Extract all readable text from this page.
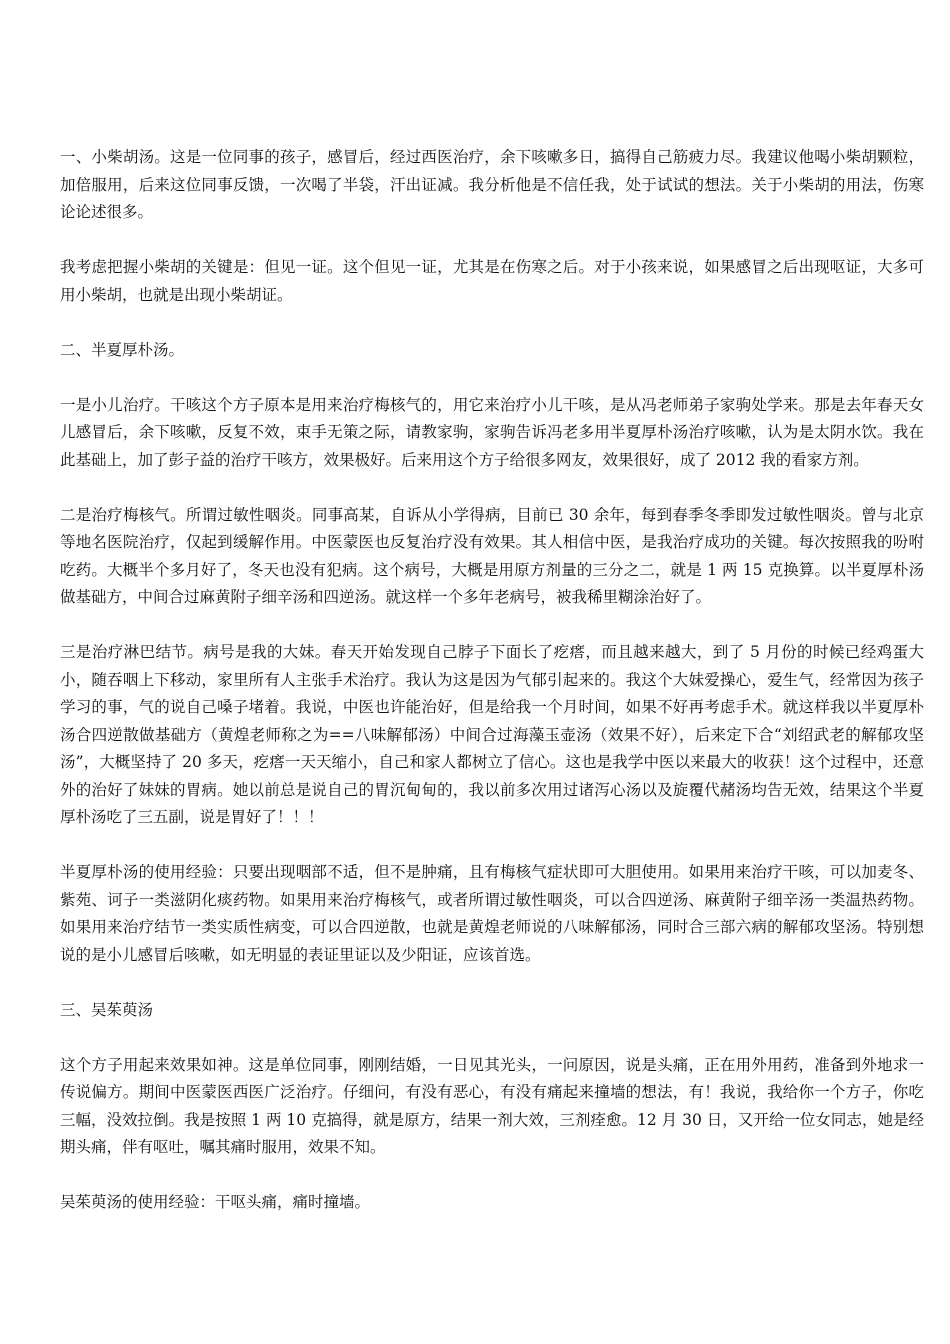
一、小柴胡汤。这是一位同事的孩子，感冒后，经过西医治疗，余下咳嗽多日，搞得自己筋疲力尽。我建议他喝小柴胡颗粒，加倍服用，后来这位同事反馈，一次喝了半袋，汗出证减。我分析他是不信任我，处于试试的想法。关于小柴胡的用法，伤寒论论述很多。

我考虑把握小柴胡的关键是：但见一证。这个但见一证，尤其是在伤寒之后。对于小孩来说，如果感冒之后出现呕证，大多可用小柴胡，也就是出现小柴胡证。

二、半夏厚朴汤。

一是小儿治疗。干咳这个方子原本是用来治疗梅核气的，用它来治疗小儿干咳，是从冯老师弟子家驹处学来。那是去年春天女儿感冒后，余下咳嗽，反复不效，束手无策之际，请教家驹，家驹告诉冯老多用半夏厚朴汤治疗咳嗽，认为是太阴水饮。我在此基础上，加了彭子益的治疗干咳方，效果极好。后来用这个方子给很多网友，效果很好，成了 2012 我的看家方剂。

二是治疗梅核气。所谓过敏性咽炎。同事高某，自诉从小学得病，目前已 30 余年，每到春季冬季即发过敏性咽炎。曾与北京等地名医院治疗，仅起到缓解作用。中医蒙医也反复治疗没有效果。其人相信中医，是我治疗成功的关键。每次按照我的吩咐吃药。大概半个多月好了，冬天也没有犯病。这个病号，大概是用原方剂量的三分之二，就是 1 两 15 克换算。以半夏厚朴汤做基础方，中间合过麻黄附子细辛汤和四逆汤。就这样一个多年老病号，被我稀里糊涂治好了。

三是治疗淋巴结节。病号是我的大妹。春天开始发现自己脖子下面长了疙瘩，而且越来越大，到了 5 月份的时候已经鸡蛋大小，随吞咽上下移动，家里所有人主张手术治疗。我认为这是因为气郁引起来的。我这个大妹爱操心，爱生气，经常因为孩子学习的事，气的说自己嗓子堵着。我说，中医也许能治好，但是给我一个月时间，如果不好再考虑手术。就这样我以半夏厚朴汤合四逆散做基础方（黄煌老师称之为==八味解郁汤）中间合过海藻玉壶汤（效果不好），后来定下合“刘绍武老的解郁攻坚汤”，大概坚持了 20 多天，疙瘩一天天缩小，自己和家人都树立了信心。这也是我学中医以来最大的收获！这个过程中，还意外的治好了妹妹的胃病。她以前总是说自己的胃沉甸甸的，我以前多次用过诸泻心汤以及旋覆代赭汤均告无效，结果这个半夏厚朴汤吃了三五副，说是胃好了！！！

半夏厚朴汤的使用经验：只要出现咽部不适，但不是肿痛，且有梅核气症状即可大胆使用。如果用来治疗干咳，可以加麦冬、紫苑、诃子一类滋阴化痰药物。如果用来治疗梅核气，或者所谓过敏性咽炎，可以合四逆汤、麻黄附子细辛汤一类温热药物。如果用来治疗结节一类实质性病变，可以合四逆散，也就是黄煌老师说的八味解郁汤，同时合三部六病的解郁攻坚汤。特别想说的是小儿感冒后咳嗽，如无明显的表证里证以及少阳证，应该首选。

三、吴茱萸汤

这个方子用起来效果如神。这是单位同事，刚刚结婚，一日见其光头，一问原因，说是头痛，正在用外用药，准备到外地求一传说偏方。期间中医蒙医西医广泛治疗。仔细问，有没有恶心，有没有痛起来撞墙的想法，有！我说，我给你一个方子，你吃三幅，没效拉倒。我是按照 1 两 10 克搞得，就是原方，结果一剂大效，三剂痊愈。12 月 30 日，又开给一位女同志，她是经期头痛，伴有呕吐，嘱其痛时服用，效果不知。

吴茱萸汤的使用经验：干呕头痛，痛时撞墙。
